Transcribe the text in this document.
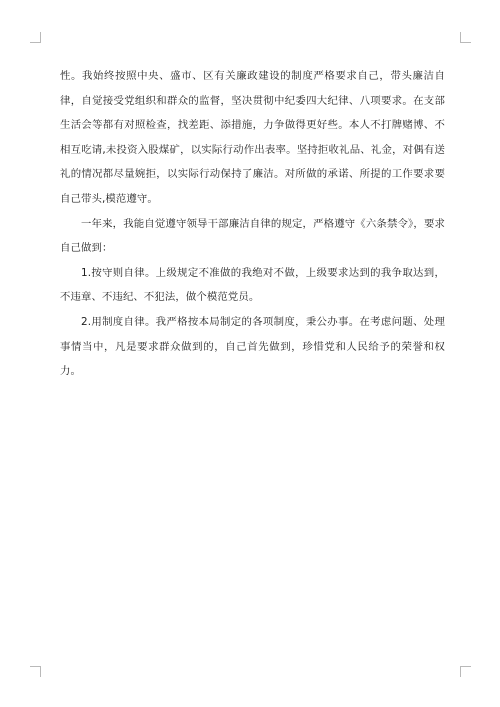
性。我始终按照中央、盛市、区有关廉政建设的制度严格要求自己，带头廉洁自律，自觉接受党组织和群众的监督，坚决贯彻中纪委四大纪律、八项要求。在支部生活会等都有对照检查，找差距、添措施，力争做得更好些。本人不打牌赌博、不相互吃请,未投资入股煤矿，以实际行动作出表率。坚持拒收礼品、礼金，对偶有送礼的情况都尽量婉拒，以实际行动保持了廉洁。对所做的承诺、所提的工作要求要自己带头,模范遵守。

一年来，我能自觉遵守领导干部廉洁自律的规定，严格遵守《六条禁令》，要求自己做到：

1.按守则自律。上级规定不准做的我绝对不做，上级要求达到的我争取达到，不违章、不违纪、不犯法，做个模范党员。

2.用制度自律。我严格按本局制定的各项制度，秉公办事。在考虑问题、处理事情当中，凡是要求群众做到的，自己首先做到，珍惜党和人民给予的荣誉和权力。
